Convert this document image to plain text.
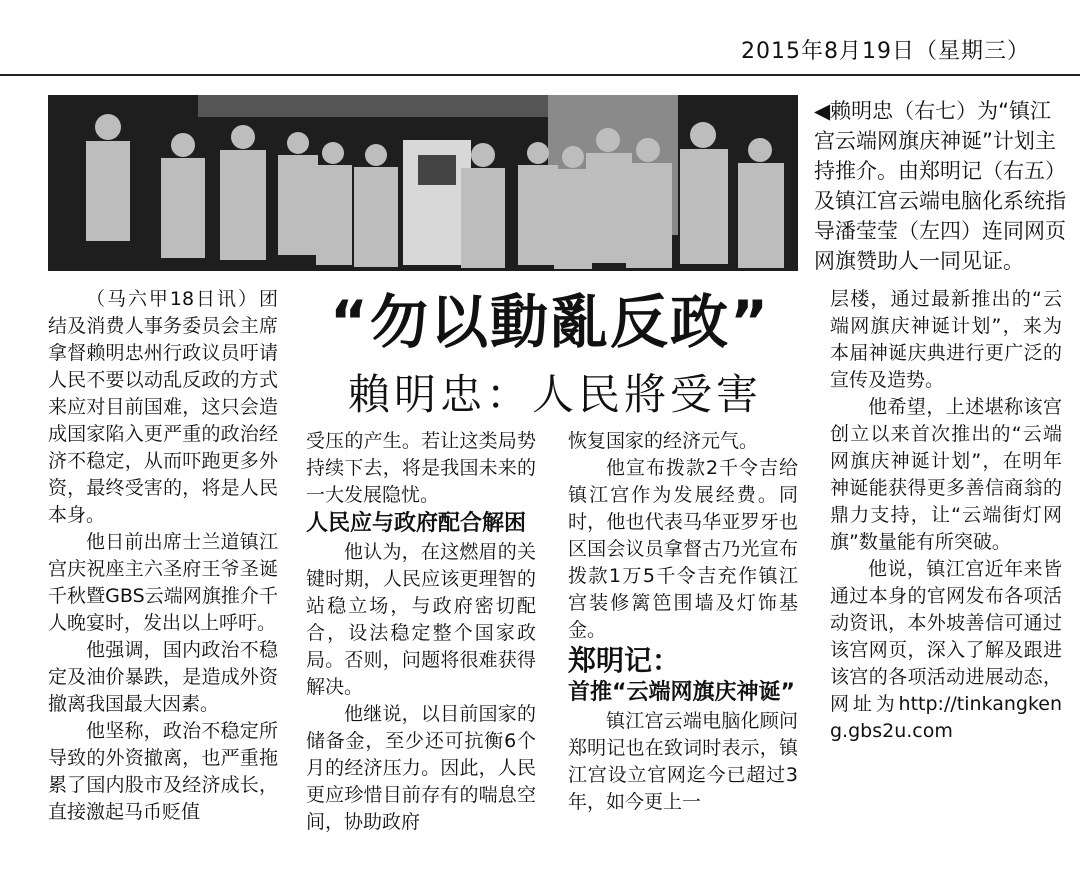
2015年8月19日（星期三）
◀赖明忠（右七）为“镇江宫云端网旗庆神诞”计划主持推介。由郑明记（右五）及镇江宫云端电脑化系统指导潘莹莹（左四）连同网页网旗赞助人一同见证。
“勿以動亂反政”
賴明忠：人民將受害

（马六甲18日讯）团结及消费人事务委员会主席拿督赖明忠州行政议员吁请人民不要以动乱反政的方式来应对目前国难，这只会造成国家陷入更严重的政治经济不稳定，从而吓跑更多外资，最终受害的，将是人民本身。

他日前出席士兰道镇江宫庆祝座主六圣府王爷圣诞千秋暨GBS云端网旗推介千人晚宴时，发出以上呼吁。

他强调，国内政治不稳定及油价暴跌，是造成外资撤离我国最大因素。

他坚称，政治不稳定所导致的外资撤离，也严重拖累了国内股市及经济成长，直接激起马币贬值

受压的产生。若让这类局势持续下去，将是我国未来的一大发展隐忧。

人民应与政府配合解困

他认为，在这燃眉的关键时期，人民应该更理智的站稳立场，与政府密切配合，设法稳定整个国家政局。否则，问题将很难获得解决。

他继说，以目前国家的储备金，至少还可抗衡6个月的经济压力。因此，人民更应珍惜目前存有的喘息空间，协助政府

恢复国家的经济元气。

他宣布拨款2千令吉给镇江宫作为发展经费。同时，他也代表马华亚罗牙也区国会议员拿督古乃光宣布拨款1万5千令吉充作镇江宫装修篱笆围墙及灯饰基金。

郑明记：

首推“云端网旗庆神诞”

镇江宫云端电脑化顾问郑明记也在致词时表示，镇江宫设立官网迄今已超过3年，如今更上一

层楼，通过最新推出的“云端网旗庆神诞计划”，来为本届神诞庆典进行更广泛的宣传及造势。

他希望，上述堪称该宫创立以来首次推出的“云端网旗庆神诞计划”，在明年神诞能获得更多善信商翁的鼎力支持，让“云端街灯网旗”数量能有所突破。

他说，镇江宫近年来皆通过本身的官网发布各项活动资讯，本外坡善信可通过该宫网页，深入了解及跟进该宫的各项活动进展动态，网址为http://tinkangkeng.gbs2u.com
